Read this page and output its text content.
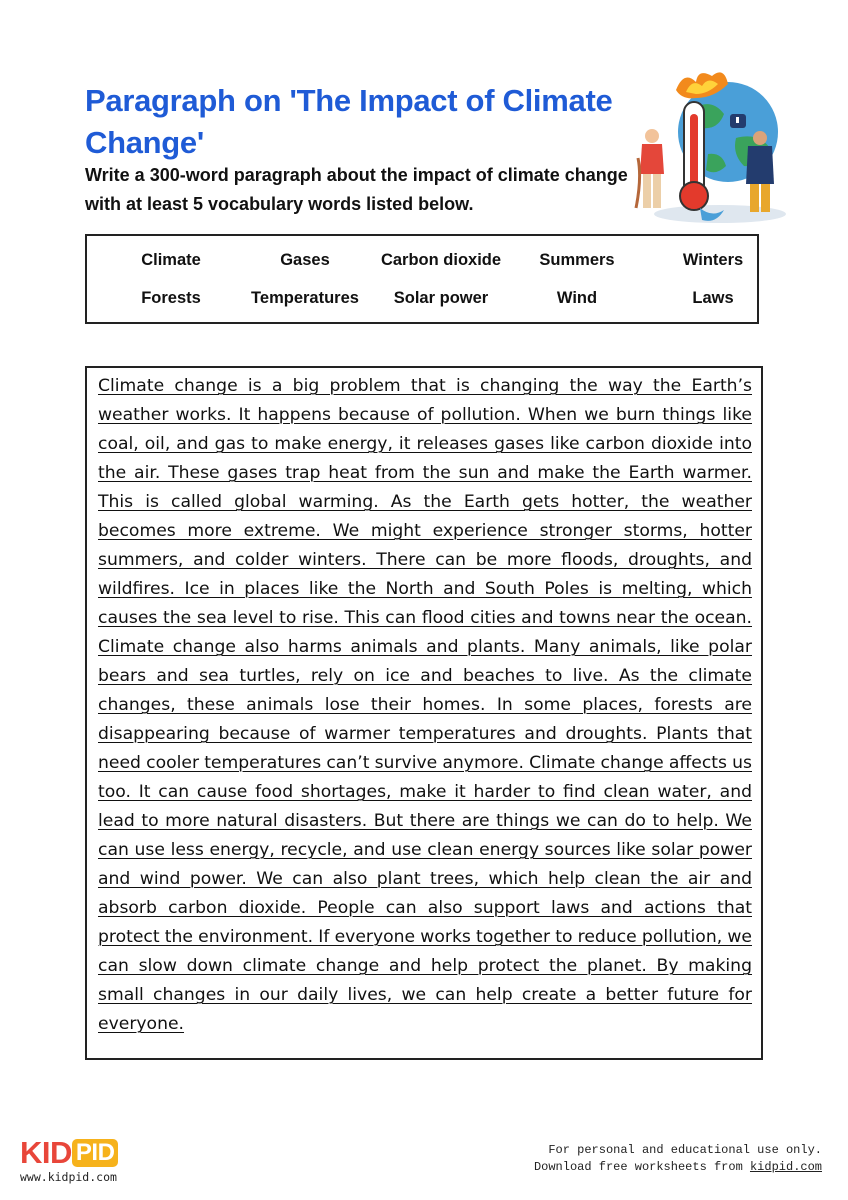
Paragraph on 'The Impact of Climate Change'
Write a 300-word paragraph about the impact of climate change with at least 5 vocabulary words listed below.
Climate	Gases	Carbon dioxide	Summers	Winters
Forests	Temperatures	Solar power	Wind	Laws
Climate change is a big problem that is changing the way the Earth’s weather works. It happens because of pollution. When we burn things like coal, oil, and gas to make energy, it releases gases like carbon dioxide into the air. These gases trap heat from the sun and make the Earth warmer. This is called global warming. As the Earth gets hotter, the weather becomes more extreme. We might experience stronger storms, hotter summers, and colder winters. There can be more floods, droughts, and wildfires. Ice in places like the North and South Poles is melting, which causes the sea level to rise. This can flood cities and towns near the ocean. Climate change also harms animals and plants. Many animals, like polar bears and sea turtles, rely on ice and beaches to live. As the climate changes, these animals lose their homes. In some places, forests are disappearing because of warmer temperatures and droughts. Plants that need cooler temperatures can’t survive anymore. Climate change affects us too. It can cause food shortages, make it harder to find clean water, and lead to more natural disasters. But there are things we can do to help. We can use less energy, recycle, and use clean energy sources like solar power and wind power. We can also plant trees, which help clean the air and absorb carbon dioxide. People can also support laws and actions that protect the environment. If everyone works together to reduce pollution, we can slow down climate change and help protect the planet. By making small changes in our daily lives, we can help create a better future for everyone.
KID PID
www.kidpid.com
For personal and educational use only.
Download free worksheets from kidpid.com
